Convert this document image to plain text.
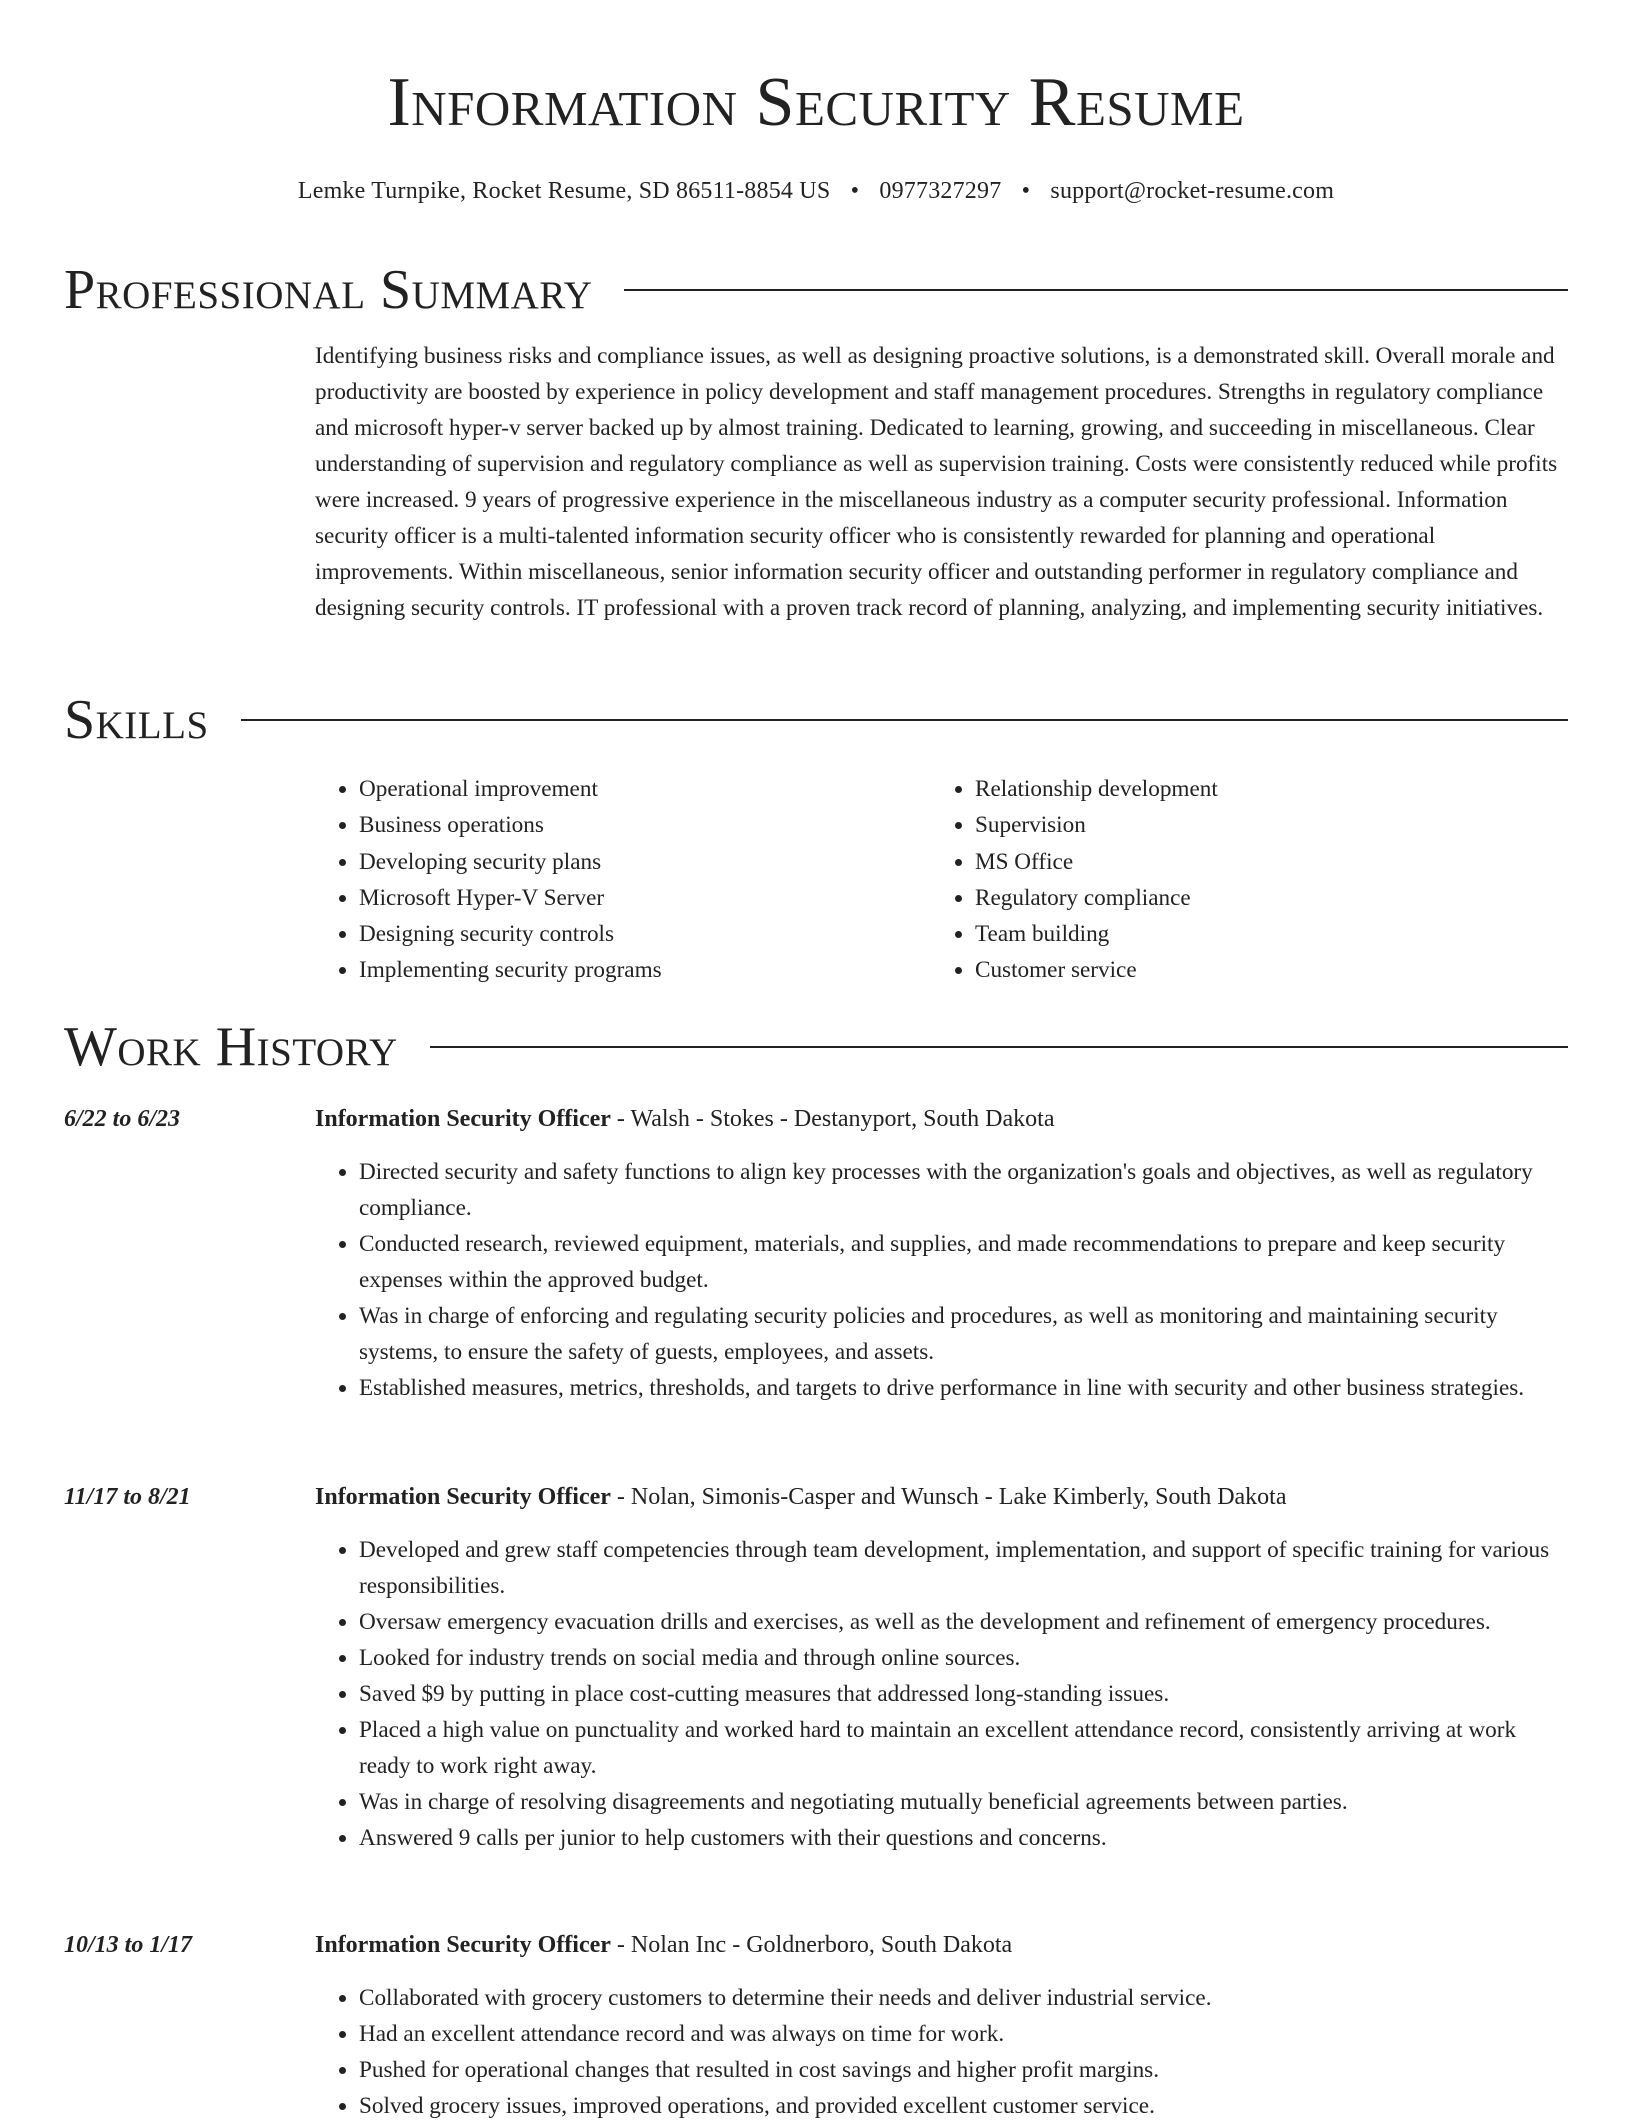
Information Security Resume
Lemke Turnpike, Rocket Resume, SD 86511-8854 US • 0977327297 • support@rocket-resume.com
Professional Summary

Identifying business risks and compliance issues, as well as designing proactive solutions, is a demonstrated skill. Overall morale and productivity are boosted by experience in policy development and staff management procedures. Strengths in regulatory compliance and microsoft hyper-v server backed up by almost training. Dedicated to learning, growing, and succeeding in miscellaneous. Clear understanding of supervision and regulatory compliance as well as supervision training. Costs were consistently reduced while profits were increased. 9 years of progressive experience in the miscellaneous industry as a computer security professional. Information security officer is a multi-talented information security officer who is consistently rewarded for planning and operational improvements. Within miscellaneous, senior information security officer and outstanding performer in regulatory compliance and designing security controls. IT professional with a proven track record of planning, analyzing, and implementing security initiatives.

Skills
• Operational improvement
• Business operations
• Developing security plans
• Microsoft Hyper-V Server
• Designing security controls
• Implementing security programs
• Relationship development
• Supervision
• MS Office
• Regulatory compliance
• Team building
• Customer service
Work History
6/22 to 6/23	Information Security Officer - Walsh - Stokes - Destanyport, South Dakota
• Directed security and safety functions to align key processes with the organization's goals and objectives, as well as regulatory compliance.
• Conducted research, reviewed equipment, materials, and supplies, and made recommendations to prepare and keep security expenses within the approved budget.
• Was in charge of enforcing and regulating security policies and procedures, as well as monitoring and maintaining security systems, to ensure the safety of guests, employees, and assets.
• Established measures, metrics, thresholds, and targets to drive performance in line with security and other business strategies.
11/17 to 8/21	Information Security Officer - Nolan, Simonis-Casper and Wunsch - Lake Kimberly, South Dakota
• Developed and grew staff competencies through team development, implementation, and support of specific training for various responsibilities.
• Oversaw emergency evacuation drills and exercises, as well as the development and refinement of emergency procedures.
• Looked for industry trends on social media and through online sources.
• Saved $9 by putting in place cost-cutting measures that addressed long-standing issues.
• Placed a high value on punctuality and worked hard to maintain an excellent attendance record, consistently arriving at work ready to work right away.
• Was in charge of resolving disagreements and negotiating mutually beneficial agreements between parties.
• Answered 9 calls per junior to help customers with their questions and concerns.
10/13 to 1/17	Information Security Officer - Nolan Inc - Goldnerboro, South Dakota
• Collaborated with grocery customers to determine their needs and deliver industrial service.
• Had an excellent attendance record and was always on time for work.
• Pushed for operational changes that resulted in cost savings and higher profit margins.
• Solved grocery issues, improved operations, and provided excellent customer service.
